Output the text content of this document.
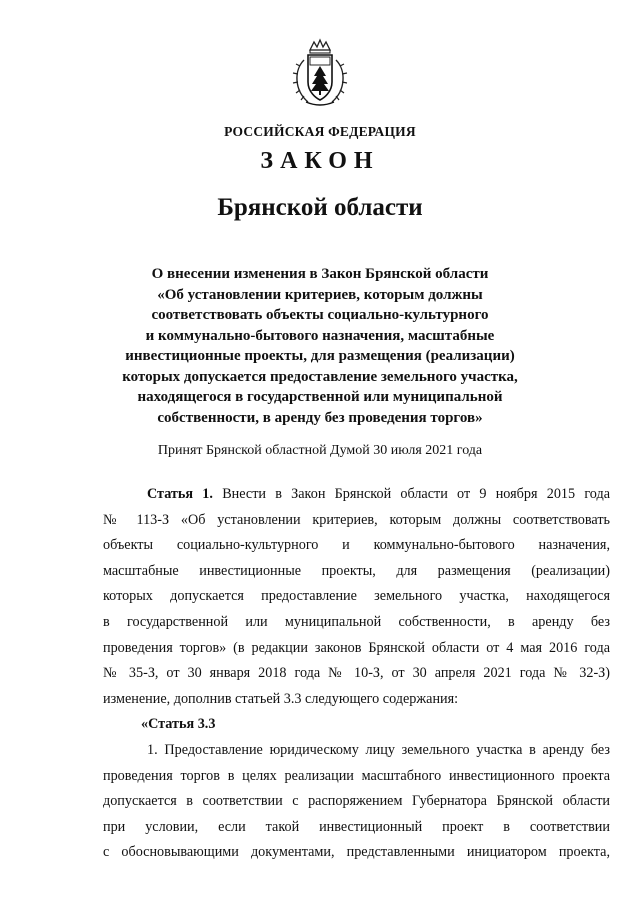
РОССИЙСКАЯ ФЕДЕРАЦИЯ
ЗАКОН
Брянской области
О внесении изменения в Закон Брянской области
«Об установлении критериев, которым должны
соответствовать объекты социально-культурного
и коммунально-бытового назначения, масштабные
инвестиционные проекты, для размещения (реализации)
которых допускается предоставление земельного участка,
находящегося в государственной или муниципальной
собственности, в аренду без проведения торгов»
Принят Брянской областной Думой 30 июля 2021 года
Статья 1. Внести в Закон Брянской области от 9 ноября 2015 года
№ 113-З «Об установлении критериев, которым должны соответствовать
объекты социально-культурного и коммунально-бытового назначения,
масштабные инвестиционные проекты, для размещения (реализации)
которых допускается предоставление земельного участка, находящегося
в государственной или муниципальной собственности, в аренду без
проведения торгов» (в редакции законов Брянской области от 4 мая 2016 года
№ 35-З, от 30 января 2018 года № 10-З, от 30 апреля 2021 года № 32-З)
изменение, дополнив статьей 3.3 следующего содержания:
«Статья 3.3
1. Предоставление юридическому лицу земельного участка в аренду без
проведения торгов в целях реализации масштабного инвестиционного проекта
допускается в соответствии с распоряжением Губернатора Брянской области
при условии, если такой инвестиционный проект в соответствии
с обосновывающими документами, представленными инициатором проекта,
